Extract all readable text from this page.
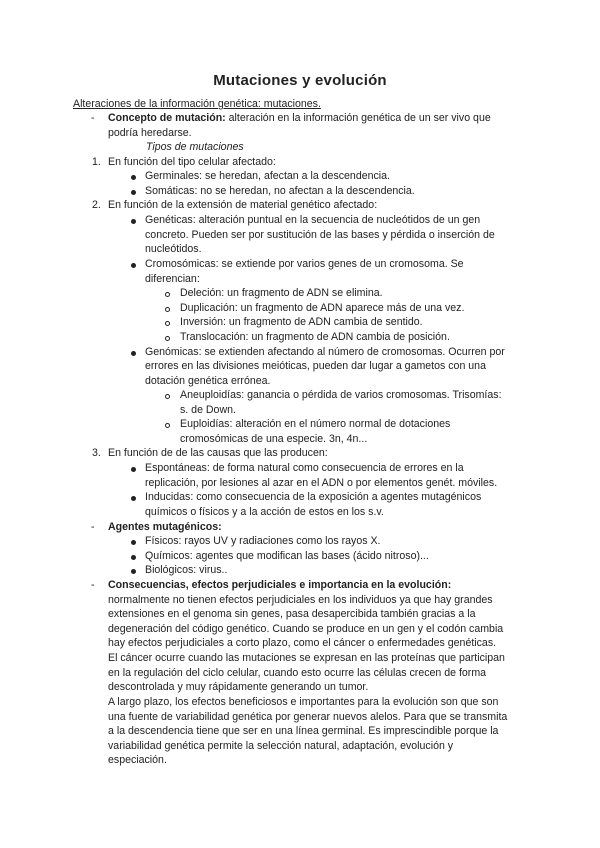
Mutaciones y evolución
Alteraciones de la información genética: mutaciones.
- Concepto de mutación: alteración en la información genética de un ser vivo que
podría heredarse.
Tipos de mutaciones
1. En función del tipo celular afectado:
Germinales: se heredan, afectan a la descendencia.
Somáticas: no se heredan, no afectan a la descendencia.
2. En función de la extensión de material genético afectado:
Genéticas: alteración puntual en la secuencia de nucleótidos de un gen
concreto. Pueden ser por sustitución de las bases y pérdida o inserción de
nucleótidos.
Cromosómicas: se extiende por varios genes de un cromosoma. Se
diferencian:
Deleción: un fragmento de ADN se elimina.
Duplicación: un fragmento de ADN aparece más de una vez.
Inversión: un fragmento de ADN cambia de sentido.
Translocación: un fragmento de ADN cambia de posición.
Genómicas: se extienden afectando al número de cromosomas. Ocurren por
errores en las divisiones meióticas, pueden dar lugar a gametos con una
dotación genética errónea.
Aneuploidías: ganancia o pérdida de varios cromosomas. Trisomías:
s. de Down.
Euploidías: alteración en el número normal de dotaciones
cromosómicas de una especie. 3n, 4n...
3. En función de de las causas que las producen:
Espontáneas: de forma natural como consecuencia de errores en la
replicación, por lesiones al azar en el ADN o por elementos genét. móviles.
Inducidas: como consecuencia de la exposición a agentes mutagénicos
químicos o físicos y a la acción de estos en los s.v.
- Agentes mutagénicos:
Físicos: rayos UV y radiaciones como los rayos X.
Químicos: agentes que modifican las bases (ácido nitroso)...
Biológicos: virus..
- Consecuencias, efectos perjudiciales e importancia en la evolución:
normalmente no tienen efectos perjudiciales en los individuos ya que hay grandes
extensiones en el genoma sin genes, pasa desapercibida también gracias a la
degeneración del código genético. Cuando se produce en un gen y el codón cambia
hay efectos perjudiciales a corto plazo, como el cáncer o enfermedades genéticas.
El cáncer ocurre cuando las mutaciones se expresan en las proteínas que participan
en la regulación del ciclo celular, cuando esto ocurre las células crecen de forma
descontrolada y muy rápidamente generando un tumor.
A largo plazo, los efectos beneficiosos e importantes para la evolución son que son
una fuente de variabilidad genética por generar nuevos alelos. Para que se transmita
a la descendencia tiene que ser en una línea germinal. Es imprescindible porque la
variabilidad genética permite la selección natural, adaptación, evolución y
especiación.
